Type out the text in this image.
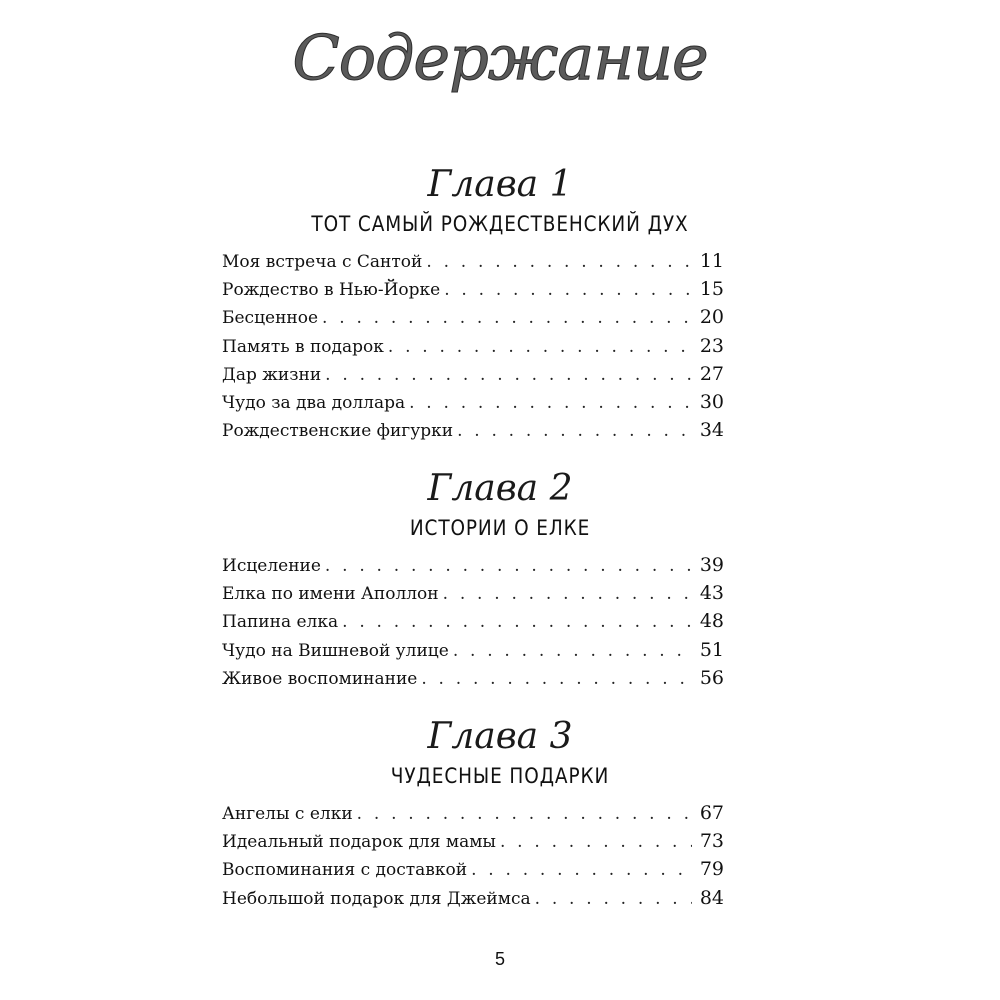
Содержание
Глава 1
ТОТ САМЫЙ РОЖДЕСТВЕНСКИЙ ДУХ
Моя встреча с Сантой . . .	11
Рождество в Нью-Йорке . . .	15
Бесценное . . .	20
Память в подарок . . .	23
Дар жизни . . .	27
Чудо за два доллара . . .	30
Рождественские фигурки . . .	34
Глава 2
ИСТОРИИ О ЕЛКЕ
Исцеление . . .	39
Елка по имени Аполлон . . .	43
Папина елка . . .	48
Чудо на Вишневой улице . . .	51
Живое воспоминание . . .	56
Глава 3
ЧУДЕСНЫЕ ПОДАРКИ
Ангелы с елки . . .	67
Идеальный подарок для мамы . . .	73
Воспоминания с доставкой . . .	79
Небольшой подарок для Джеймса . . .	84
5
